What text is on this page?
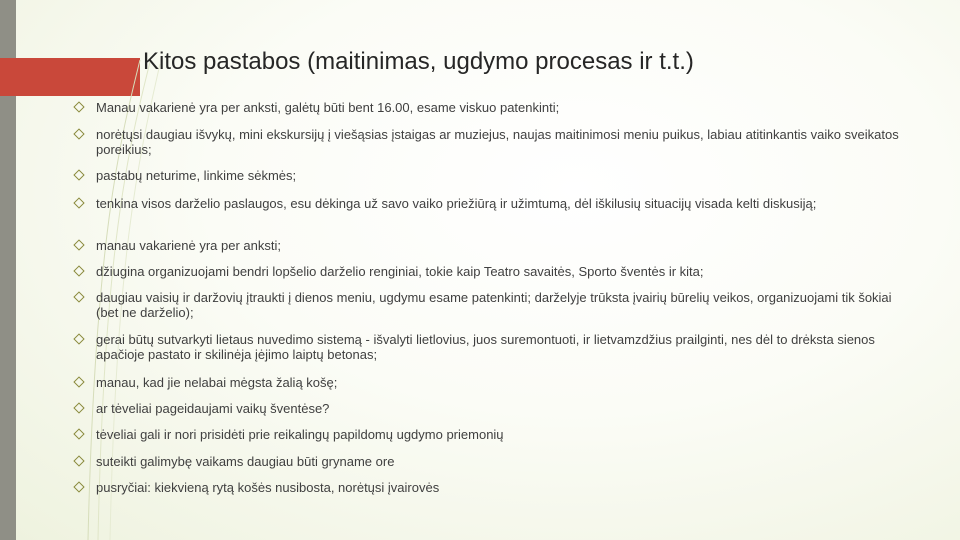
Kitos pastabos (maitinimas, ugdymo procesas ir t.t.)
Manau vakarienė yra per anksti, galėtų būti bent 16.00, esame viskuo patenkinti;
norėtųsi daugiau išvykų, mini ekskursijų į viešąsias įstaigas ar muziejus, naujas maitinimosi meniu puikus, labiau atitinkantis vaiko sveikatos poreikius;
pastabų neturime, linkime sėkmės;
tenkina visos darželio paslaugos, esu dėkinga už savo vaiko priežiūrą ir užimtumą, dėl iškilusių situacijų visada kelti diskusiją;
manau vakarienė yra per anksti;
džiugina organizuojami bendri lopšelio darželio renginiai, tokie kaip Teatro savaitės, Sporto šventės ir kita;
daugiau vaisių ir daržovių įtraukti į dienos meniu, ugdymu esame patenkinti; darželyje trūksta įvairių būrelių veikos, organizuojami tik šokiai (bet ne darželio);
gerai būtų sutvarkyti lietaus nuvedimo sistemą - išvalyti lietlovius, juos suremontuoti, ir lietvamzdžius prailginti, nes dėl to drėksta sienos apačioje pastato ir skilinėja įėjimo laiptų betonas;
manau, kad jie nelabai mėgsta žalią košę;
ar tėveliai pageidaujami vaikų šventėse?
tėveliai gali ir nori prisidėti prie reikalingų papildomų ugdymo priemonių
suteikti galimybę vaikams daugiau būti gryname ore
pusryčiai: kiekvieną rytą košės nusibosta, norėtųsi įvairovės
